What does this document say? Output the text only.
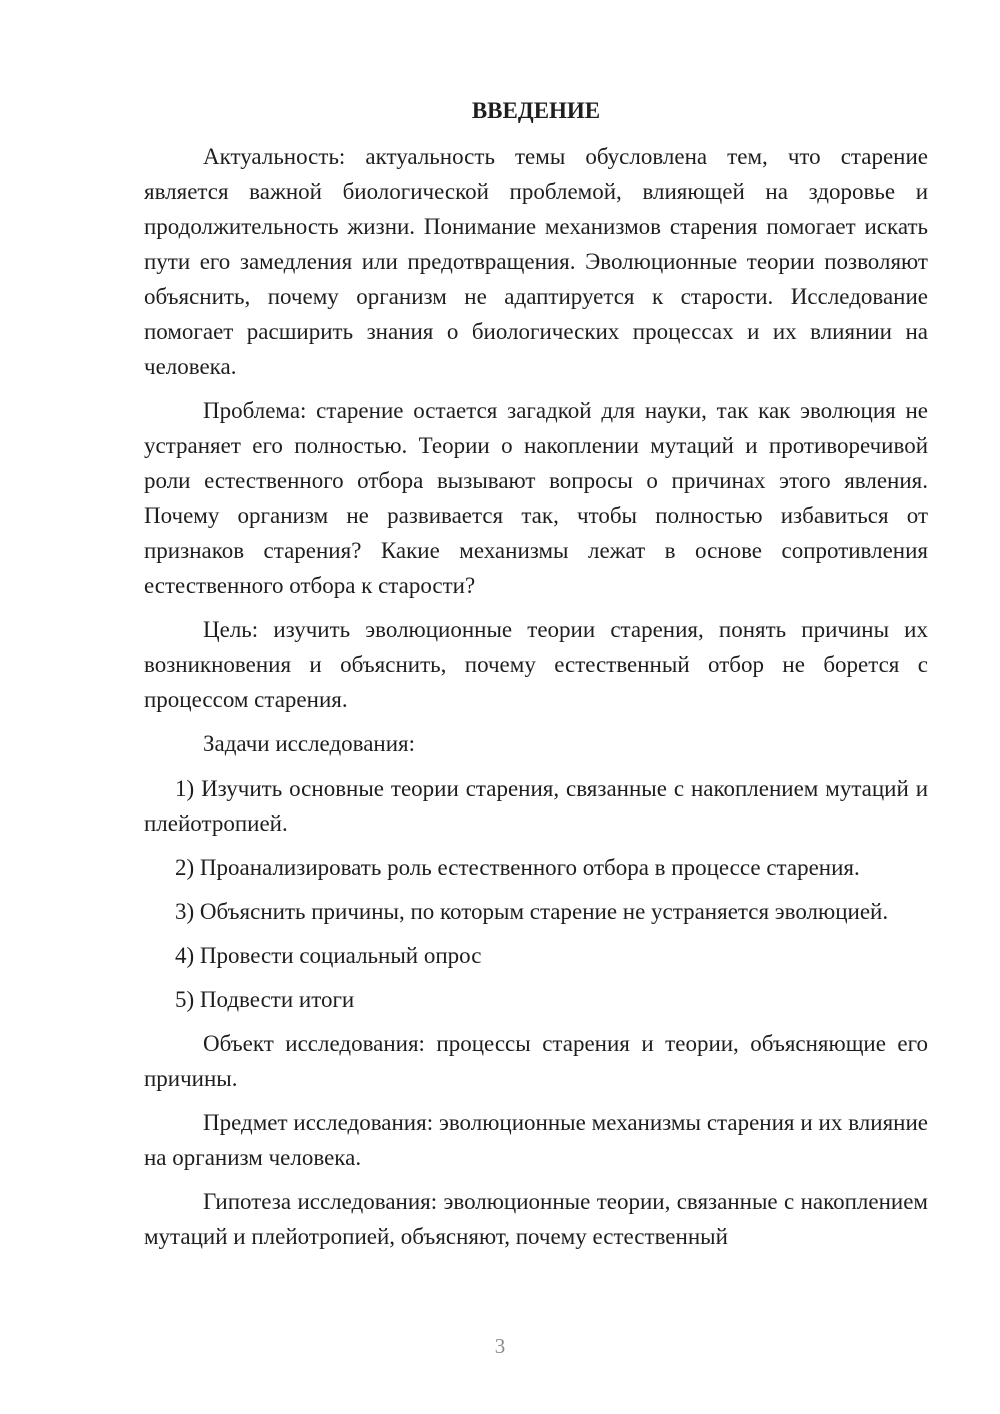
ВВЕДЕНИЕ

Актуальность: актуальность темы обусловлена тем, что старение является важной биологической проблемой, влияющей на здоровье и продолжительность жизни. Понимание механизмов старения помогает искать пути его замедления или предотвращения. Эволюционные теории позволяют объяснить, почему организм не адаптируется к старости. Исследование помогает расширить знания о биологических процессах и их влиянии на человека.

Проблема: старение остается загадкой для науки, так как эволюция не устраняет его полностью. Теории о накоплении мутаций и противоречивой роли естественного отбора вызывают вопросы о причинах этого явления. Почему организм не развивается так, чтобы полностью избавиться от признаков старения? Какие механизмы лежат в основе сопротивления естественного отбора к старости?

Цель: изучить эволюционные теории старения, понять причины их возникновения и объяснить, почему естественный отбор не борется с процессом старения.

Задачи исследования:

1) Изучить основные теории старения, связанные с накоплением мутаций и плейотропией.

2) Проанализировать роль естественного отбора в процессе старения.

3) Объяснить причины, по которым старение не устраняется эволюцией.

4) Провести социальный опрос

5) Подвести итоги

Объект исследования: процессы старения и теории, объясняющие его причины.

Предмет исследования: эволюционные механизмы старения и их влияние на организм человека.

Гипотеза исследования: эволюционные теории, связанные с накоплением мутаций и плейотропией, объясняют, почему естественный

3
